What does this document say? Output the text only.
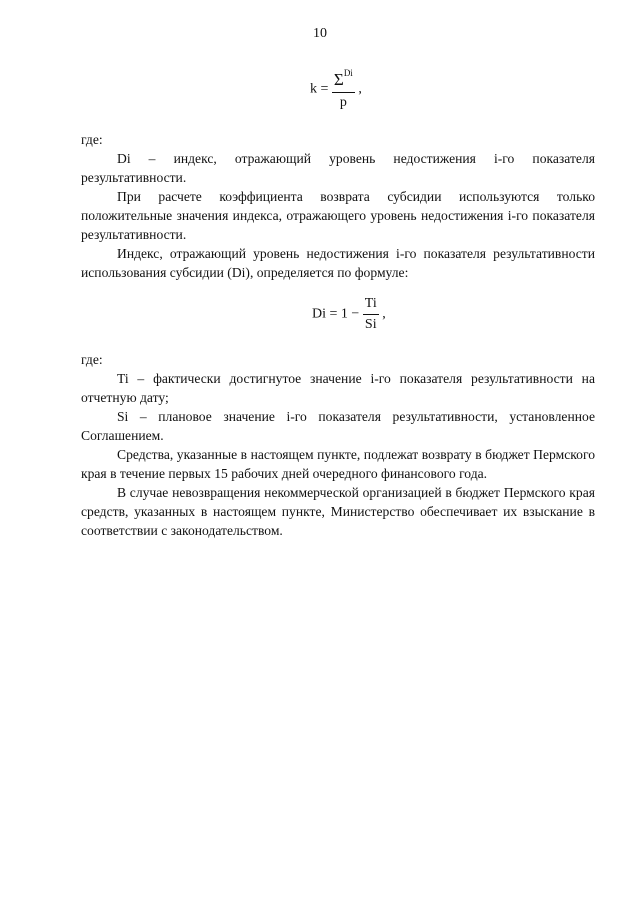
10
$k = \frac{\Sigma^{Di}}{p}$ ,

где:

Di – индекс, отражающий уровень недостижения i-го показателя результативности.

При расчете коэффициента возврата субсидии используются только положительные значения индекса, отражающего уровень недостижения i-го показателя результативности.

Индекс, отражающий уровень недостижения i-го показателя результативности использования субсидии (Di), определяется по формуле:

$Di = 1 - \frac{Ti}{Si}$ ,

где:

Ti – фактически достигнутое значение i-го показателя результативности на отчетную дату;

Si – плановое значение i-го показателя результативности, установленное Соглашением.

Средства, указанные в настоящем пункте, подлежат возврату в бюджет Пермского края в течение первых 15 рабочих дней очередного финансового года.

В случае невозвращения некоммерческой организацией в бюджет Пермского края средств, указанных в настоящем пункте, Министерство обеспечивает их взыскание в соответствии с законодательством.
